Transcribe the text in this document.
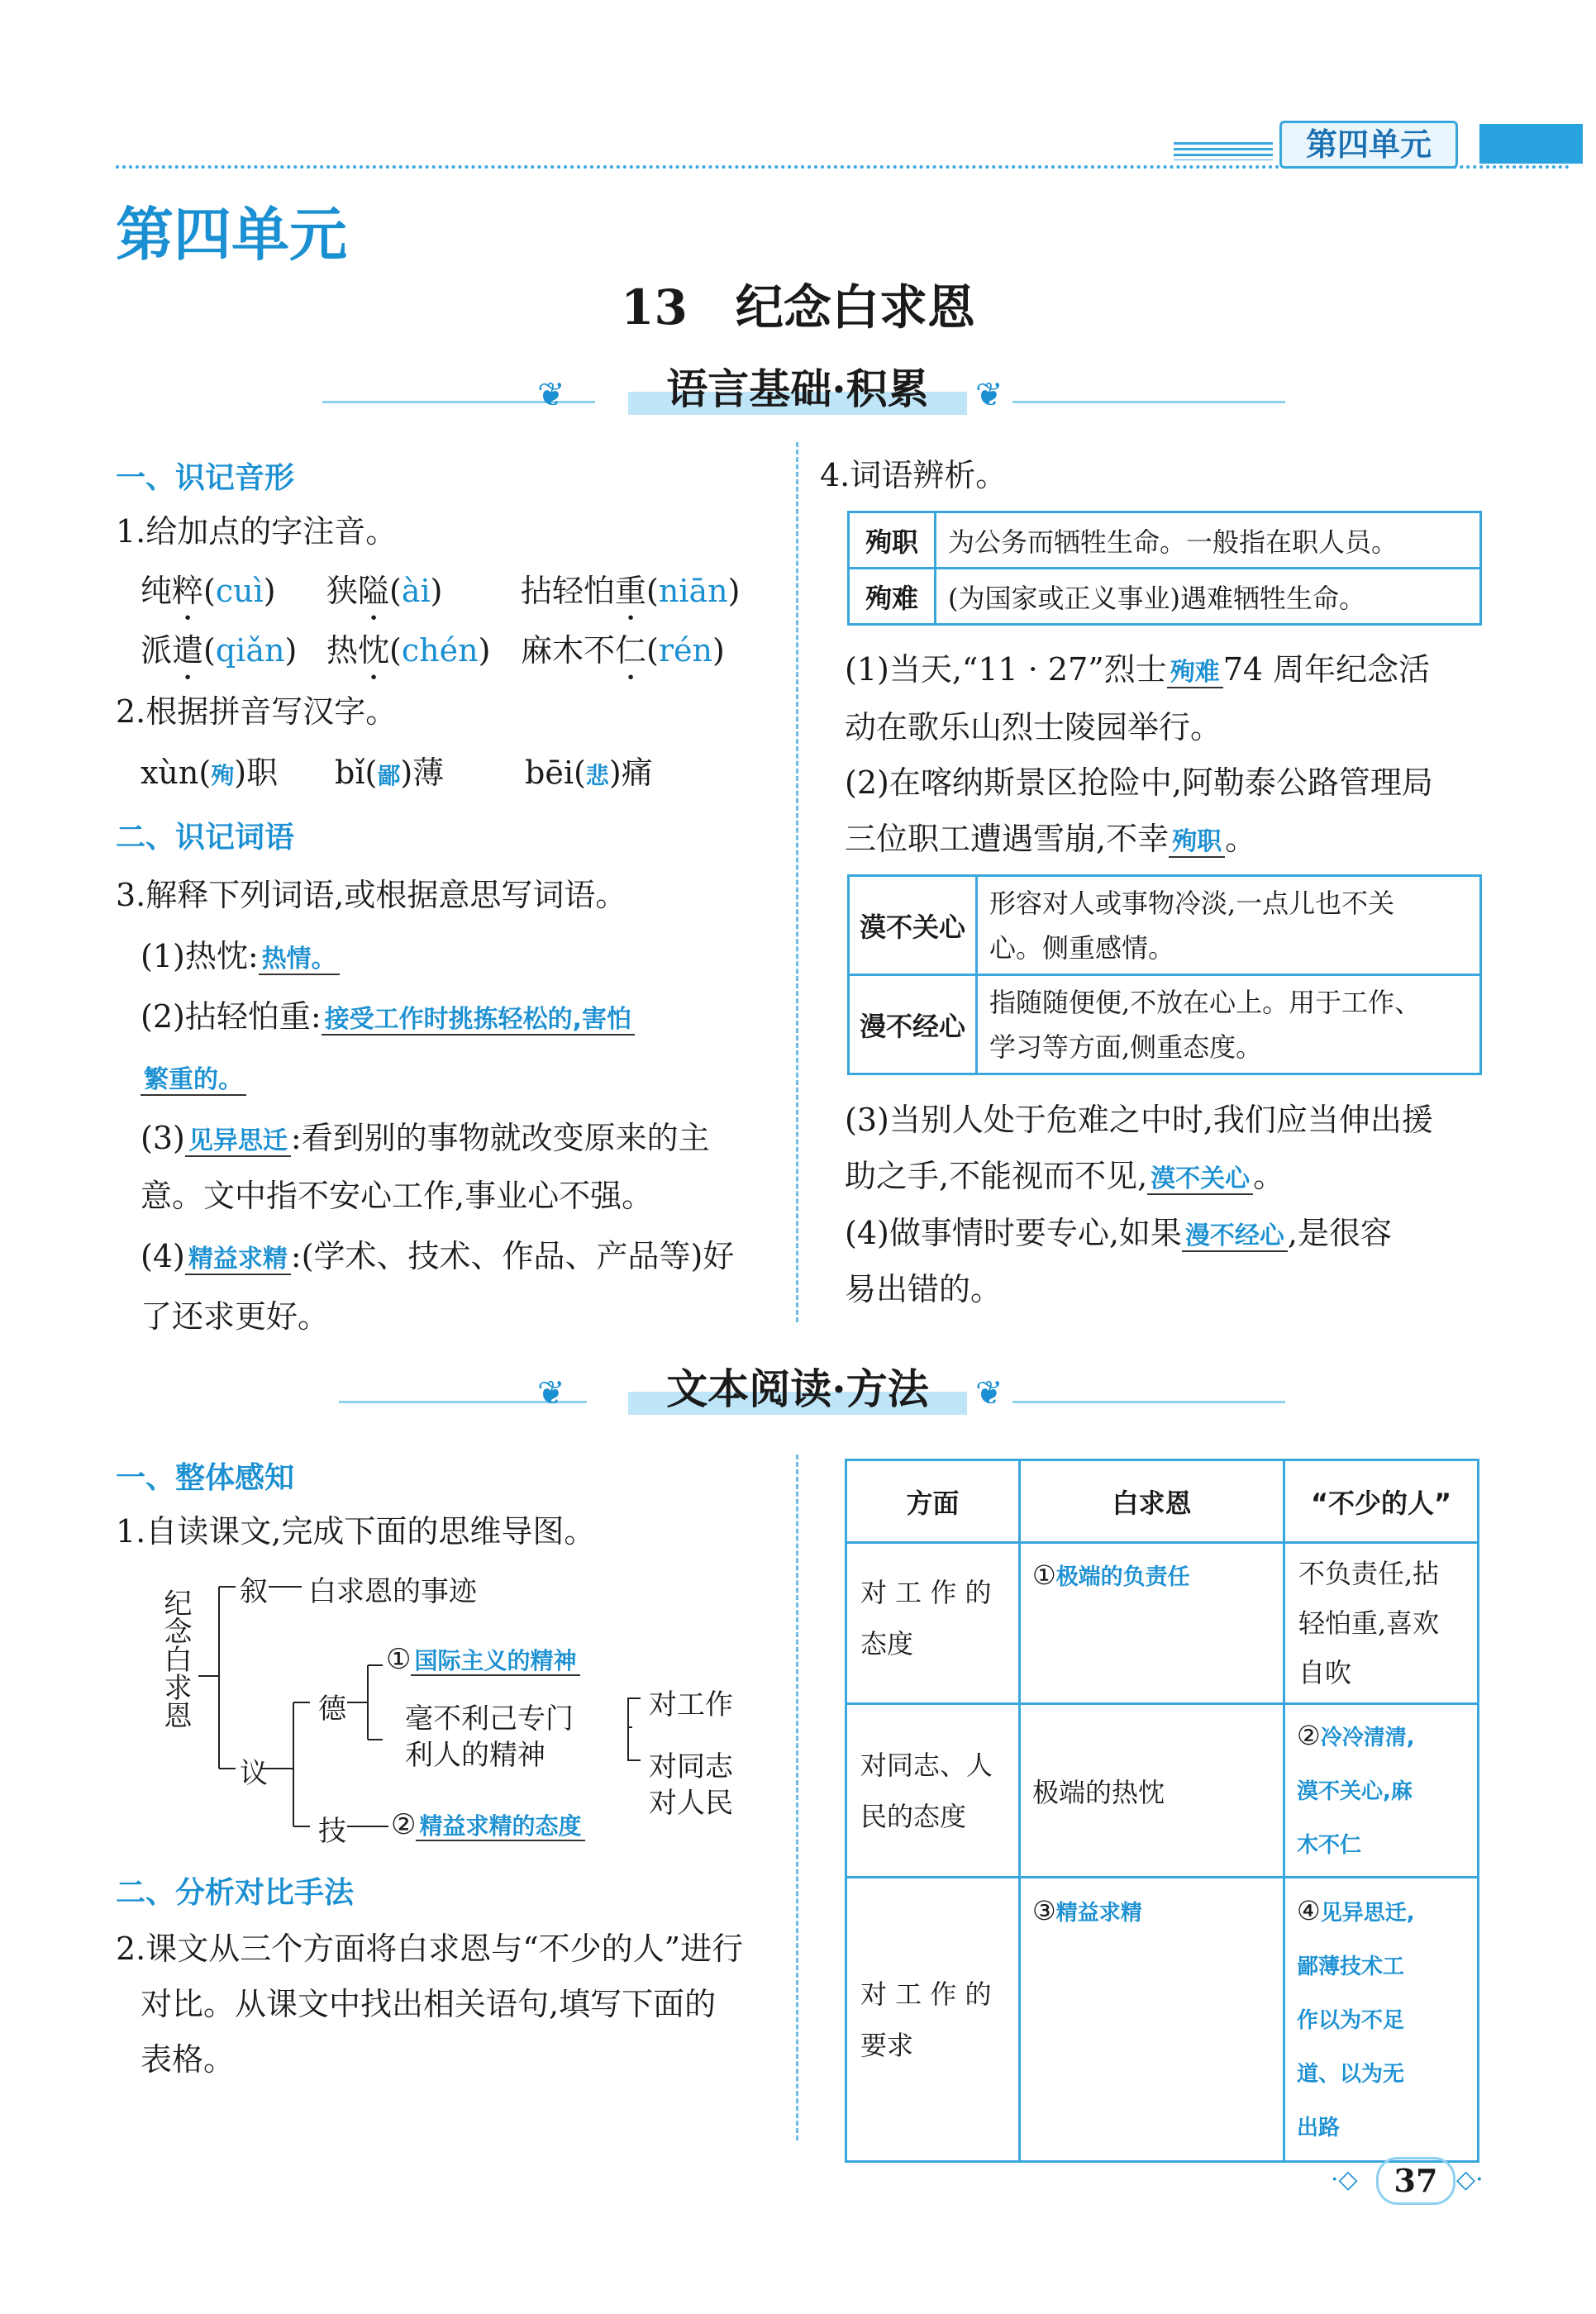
第四单元
第四单元
13　纪念白求恩
❦	语言基础·积累	❦
一、识记音形
1.给加点的字注音。
纯粹(cuì) 狭隘(ài) 拈轻怕重(niān)
派遣(qiǎn) 热忱(chén) 麻木不仁(rén)
2.根据拼音写汉字。
xùn(殉)职 bǐ(鄙)薄	bēi(悲)痛
二、识记词语
3.解释下列词语,或根据意思写词语。
(1)热忱: 热情。
(2)拈轻怕重: 接受工作时挑拣轻松的,害怕
繁重的。
(3) 见异思迁 :看到别的事物就改变原来的主
意。文中指不安心工作,事业心不强。
(4) 精益求精 :(学术、技术、作品、产品等)好
了还求更好。
4.词语辨析。
殉职	为公务而牺牲生命。一般指在职人员。
殉难	(为国家或正义事业)遇难牺牲生命。
(1)当天,“11 · 27”烈士 殉难 74 周年纪念活
动在歌乐山烈士陵园举行。
(2)在喀纳斯景区抢险中,阿勒泰公路管理局
三位职工遭遇雪崩,不幸 殉职 。
漠不关心	形容对人或事物冷淡,一点儿也不关
心。侧重感情。
漫不经心	指随随便便,不放在心上。用于工作、
学习等方面,侧重态度。
(3)当别人处于危难之中时,我们应当伸出援
助之手,不能视而不见, 漠不关心 。
(4)做事情时要专心,如果 漫不经心 ,是很容
易出错的。
❦	文本阅读·方法	❦
一、整体感知
1.自读课文,完成下面的思维导图。
纪念白求恩 叙 白求恩的事迹
议
德
技
① 国际主义的精神
毫不利己专门
利人的精神
对工作
对同志
对人民
② 精益求精的态度
二、分析对比手法
2.课文从三个方面将白求恩与“不少的人”进行
对比。从课文中找出相关语句,填写下面的
表格。
方面	白求恩	“不少的人”
对 工 作 的
态度	①极端的负责任	不负责任,拈
轻怕重,喜欢
自吹
对同志、人
民的态度	极端的热忱	②冷冷清清,
漠不关心,麻
木不仁
对 工 作 的
要求	③精益求精	④见异思迁,
鄙薄技术工
作以为不足
道、以为无
出路
·◇	37 ◇·
